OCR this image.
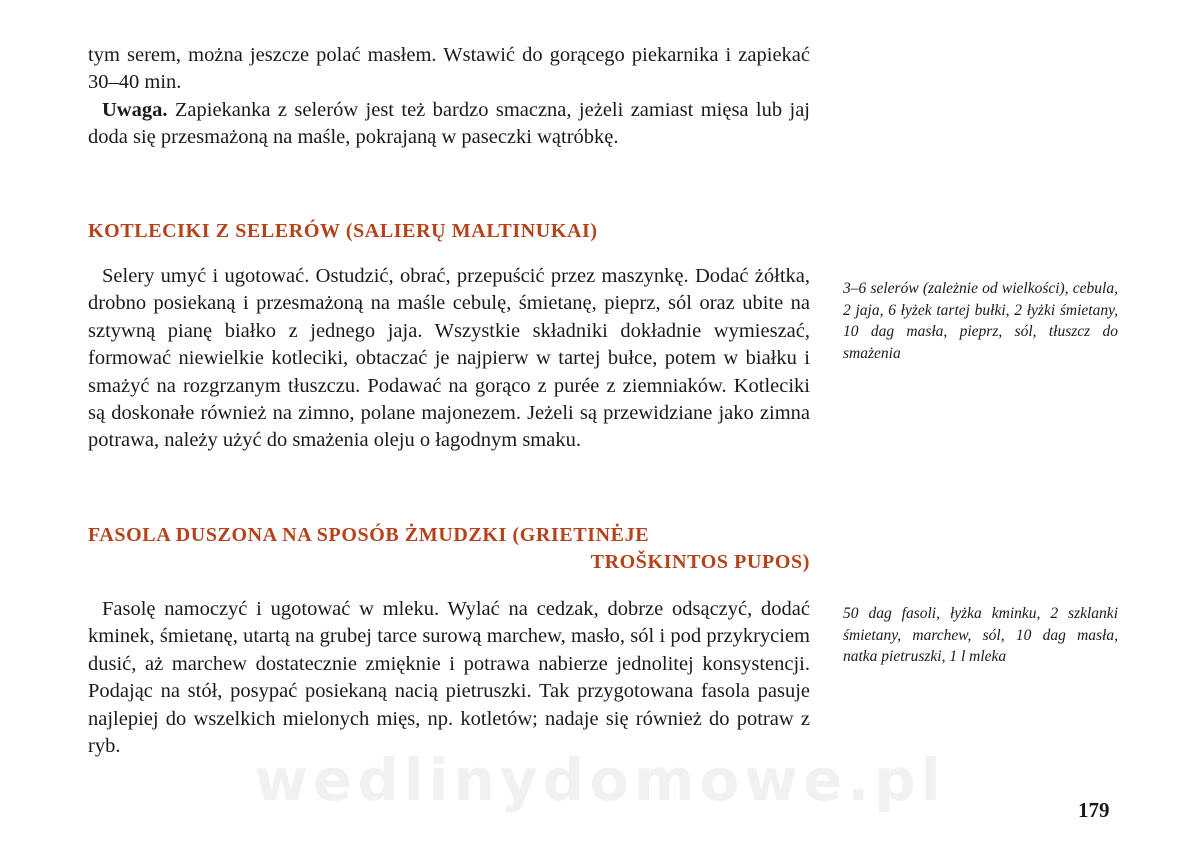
tym serem, można jeszcze polać masłem. Wstawić do gorącego piekarnika i zapiekać 30–40 min.

Uwaga. Zapiekanka z selerów jest też bardzo smaczna, jeżeli zamiast mięsa lub jaj doda się przesmażoną na maśle, pokrajaną w paseczki wątróbkę.

KOTLECIKI Z SELERÓW (SALIERŲ MALTINUKAI)

Selery umyć i ugotować. Ostudzić, obrać, przepuścić przez maszynkę. Dodać żółtka, drobno posiekaną i przesmażoną na maśle cebulę, śmietanę, pieprz, sól oraz ubite na sztywną pianę białko z jednego jaja. Wszystkie składniki dokładnie wymieszać, formować niewielkie kotleciki, obtaczać je najpierw w tartej bułce, potem w białku i smażyć na rozgrzanym tłuszczu. Podawać na gorąco z purée z ziemniaków. Kotleciki są doskonałe również na zimno, polane majonezem. Jeżeli są przewidziane jako zimna potrawa, należy użyć do smażenia oleju o łagodnym smaku.

3–6 selerów (zależnie od wielkości), cebula, 2 jaja, 6 łyżek tartej bułki, 2 łyżki śmietany, 10 dag masła, pieprz, sól, tłuszcz do smażenia
FASOLA DUSZONA NA SPOSÓB ŻMUDZKI (GRIETINĖJE
TROŠKINTOS PUPOS)

Fasolę namoczyć i ugotować w mleku. Wylać na cedzak, dobrze odsączyć, dodać kminek, śmietanę, utartą na grubej tarce surową marchew, masło, sól i pod przykryciem dusić, aż marchew dostatecznie zmięknie i potrawa nabierze jednolitej konsystencji. Podając na stół, posypać posiekaną nacią pietruszki. Tak przygotowana fasola pasuje najlepiej do wszelkich mielonych mięs, np. kotletów; nadaje się również do potraw z ryb.

50 dag fasoli, łyżka kminku, 2 szklanki śmietany, marchew, sól, 10 dag masła, natka pietruszki, 1 l mleka
wedlinydomowe.pl	179
